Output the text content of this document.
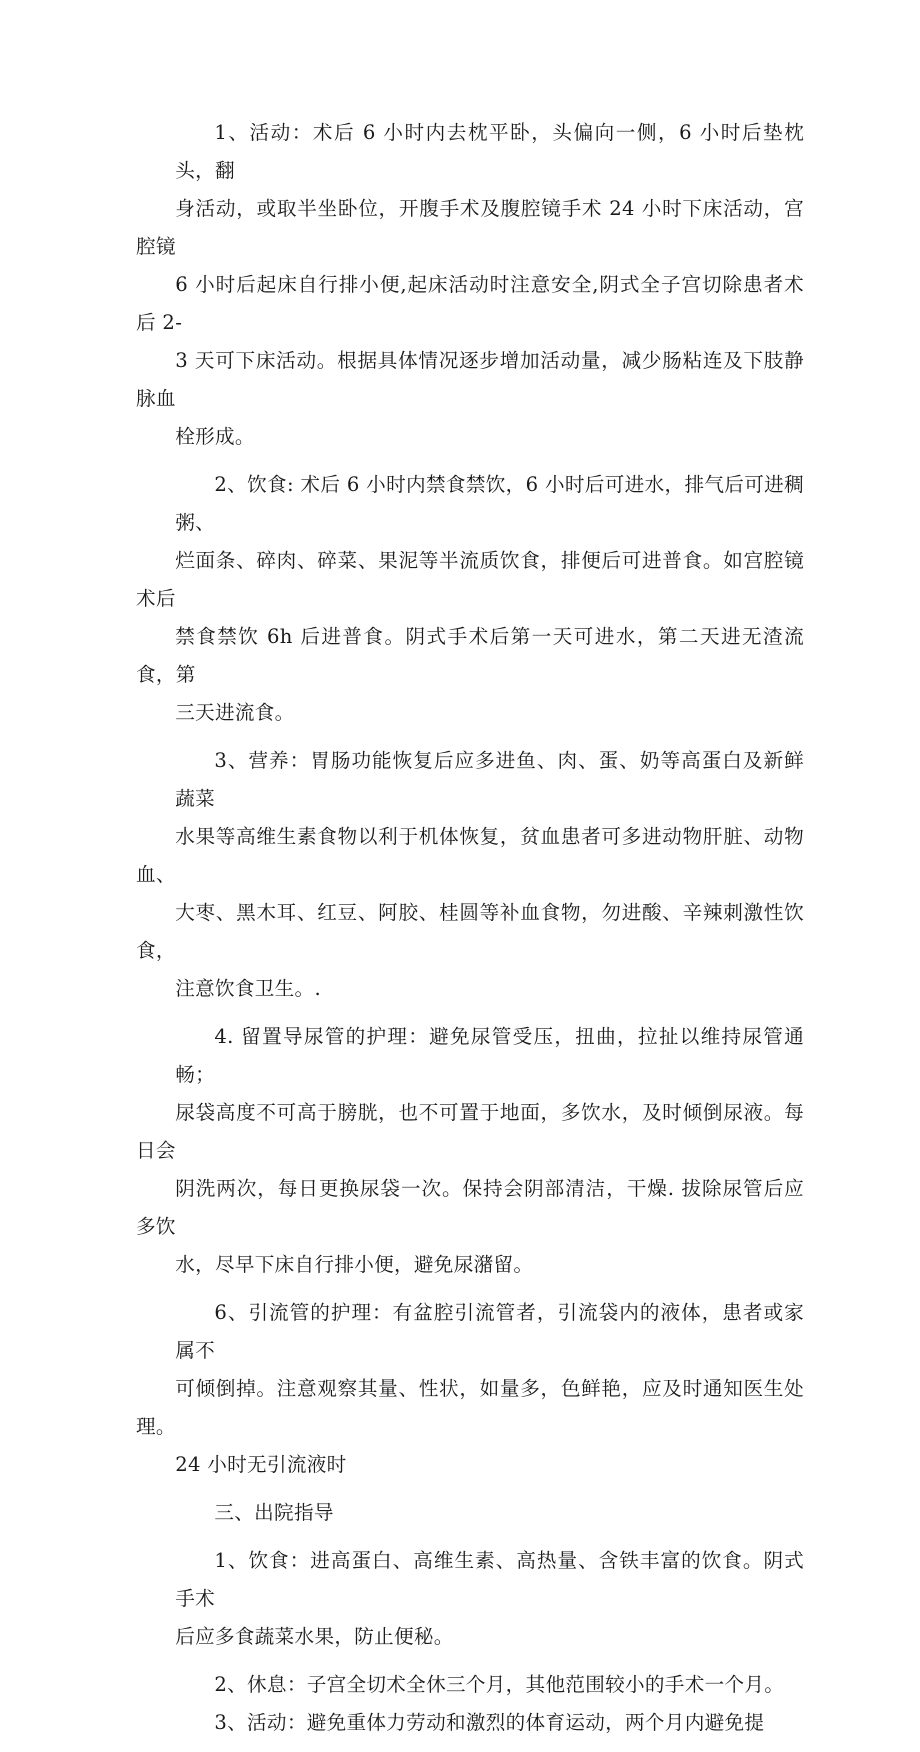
1、活动：术后 6 小时内去枕平卧，头偏向一侧，6 小时后垫枕头，翻
身活动，或取半坐卧位，开腹手术及腹腔镜手术 24 小时下床活动，宫腔镜
6 小时后起床自行排小便,起床活动时注意安全,阴式全子宫切除患者术后 2-
3 天可下床活动。根据具体情况逐步增加活动量，减少肠粘连及下肢静脉血
栓形成。
2、饮食: 术后 6 小时内禁食禁饮，6 小时后可进水，排气后可进稠粥、
烂面条、碎肉、碎菜、果泥等半流质饮食，排便后可进普食。如宫腔镜术后
禁食禁饮 6h 后进普食。阴式手术后第一天可进水，第二天进无渣流食，第
三天进流食。
3、营养：胃肠功能恢复后应多进鱼、肉、蛋、奶等高蛋白及新鲜蔬菜
水果等高维生素食物以利于机体恢复，贫血患者可多进动物肝脏、动物血、
大枣、黑木耳、红豆、阿胶、桂圆等补血食物，勿进酸、辛辣刺激性饮食，
注意饮食卫生。.
4. 留置导尿管的护理：避免尿管受压，扭曲，拉扯以维持尿管通畅；
尿袋高度不可高于膀胱，也不可置于地面，多饮水，及时倾倒尿液。每日会
阴洗两次，每日更换尿袋一次。保持会阴部清洁，干燥. 拔除尿管后应多饮
水，尽早下床自行排小便，避免尿潴留。
6、引流管的护理：有盆腔引流管者，引流袋内的液体，患者或家属不
可倾倒掉。注意观察其量、性状，如量多，色鲜艳，应及时通知医生处理。
24 小时无引流液时
三、出院指导
1、饮食：进高蛋白、高维生素、高热量、含铁丰富的饮食。阴式手术
后应多食蔬菜水果，防止便秘。
2、休息：子宫全切术全休三个月，其他范围较小的手术一个月。
3、活动：避免重体力劳动和激烈的体育运动，两个月内避免提
